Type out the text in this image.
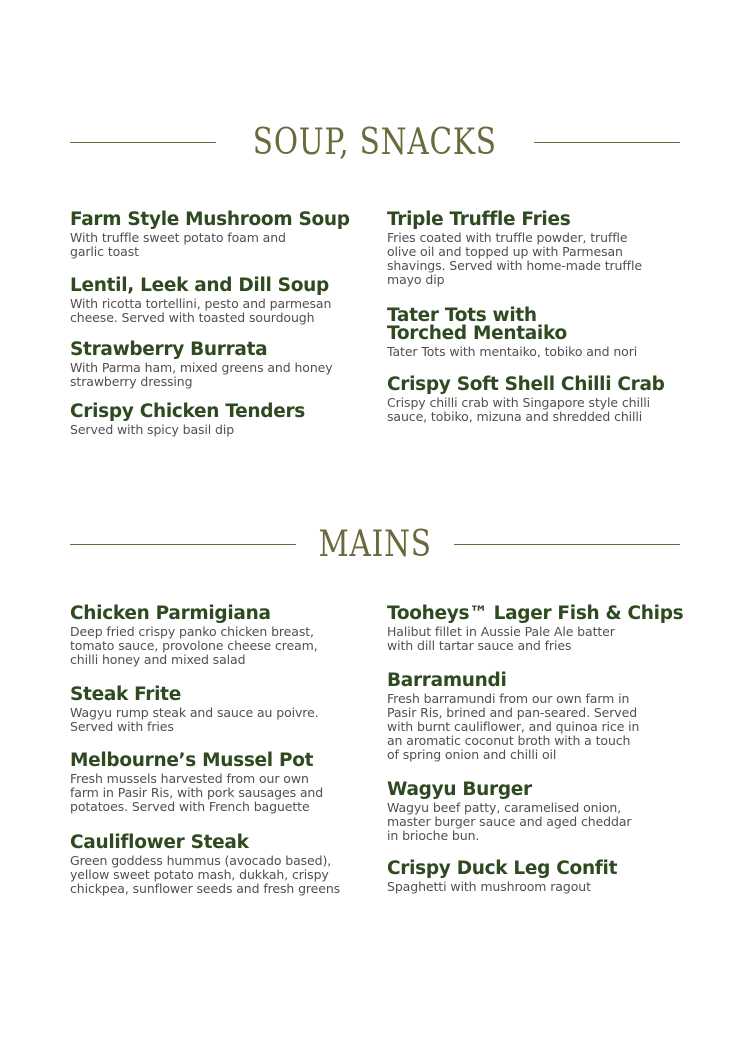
SOUP, SNACKS
Farm Style Mushroom Soup
With truffle sweet potato foam and
garlic toast
Lentil, Leek and Dill Soup
With ricotta tortellini, pesto and parmesan
cheese. Served with toasted sourdough
Strawberry Burrata
With Parma ham, mixed greens and honey
strawberry dressing
Crispy Chicken Tenders
Served with spicy basil dip
Triple Truffle Fries
Fries coated with truffle powder, truffle
olive oil and topped up with Parmesan
shavings. Served with home-made truffle
mayo dip
Tater Tots with
Torched Mentaiko
Tater Tots with mentaiko, tobiko and nori
Crispy Soft Shell Chilli Crab
Crispy chilli crab with Singapore style chilli
sauce, tobiko, mizuna and shredded chilli
MAINS
Chicken Parmigiana
Deep fried crispy panko chicken breast,
tomato sauce, provolone cheese cream,
chilli honey and mixed salad
Steak Frite
Wagyu rump steak and sauce au poivre.
Served with fries
Melbourne’s Mussel Pot
Fresh mussels harvested from our own
farm in Pasir Ris, with pork sausages and
potatoes. Served with French baguette
Cauliflower Steak
Green goddess hummus (avocado based),
yellow sweet potato mash, dukkah, crispy
chickpea, sunflower seeds and fresh greens
Tooheys™ Lager Fish & Chips
Halibut fillet in Aussie Pale Ale batter
with dill tartar sauce and fries
Barramundi
Fresh barramundi from our own farm in
Pasir Ris, brined and pan-seared. Served
with burnt cauliflower, and quinoa rice in
an aromatic coconut broth with a touch
of spring onion and chilli oil
Wagyu Burger
Wagyu beef patty, caramelised onion,
master burger sauce and aged cheddar
in brioche bun.
Crispy Duck Leg Confit
Spaghetti with mushroom ragout
